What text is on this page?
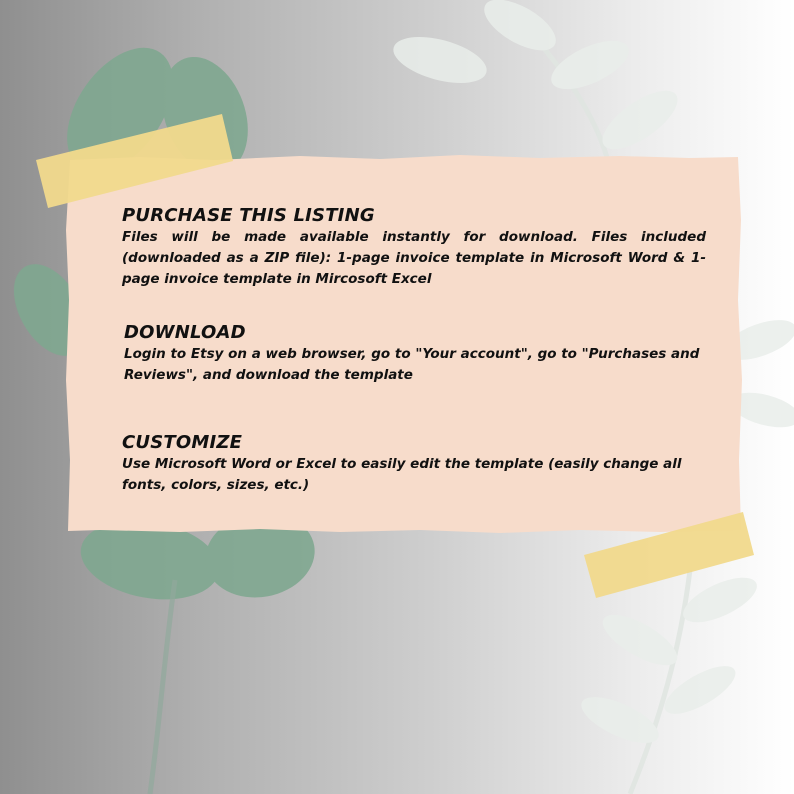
PURCHASE THIS LISTING

Files will be made available instantly for download. Files included (downloaded as a ZIP file): 1-page invoice template in Microsoft Word & 1-page invoice template in Mircosoft Excel

DOWNLOAD

Login to Etsy on a web browser, go to "Your account", go to "Purchases and Reviews", and download the template

CUSTOMIZE

Use Microsoft Word or Excel to easily edit the template (easily change all fonts, colors, sizes, etc.)
